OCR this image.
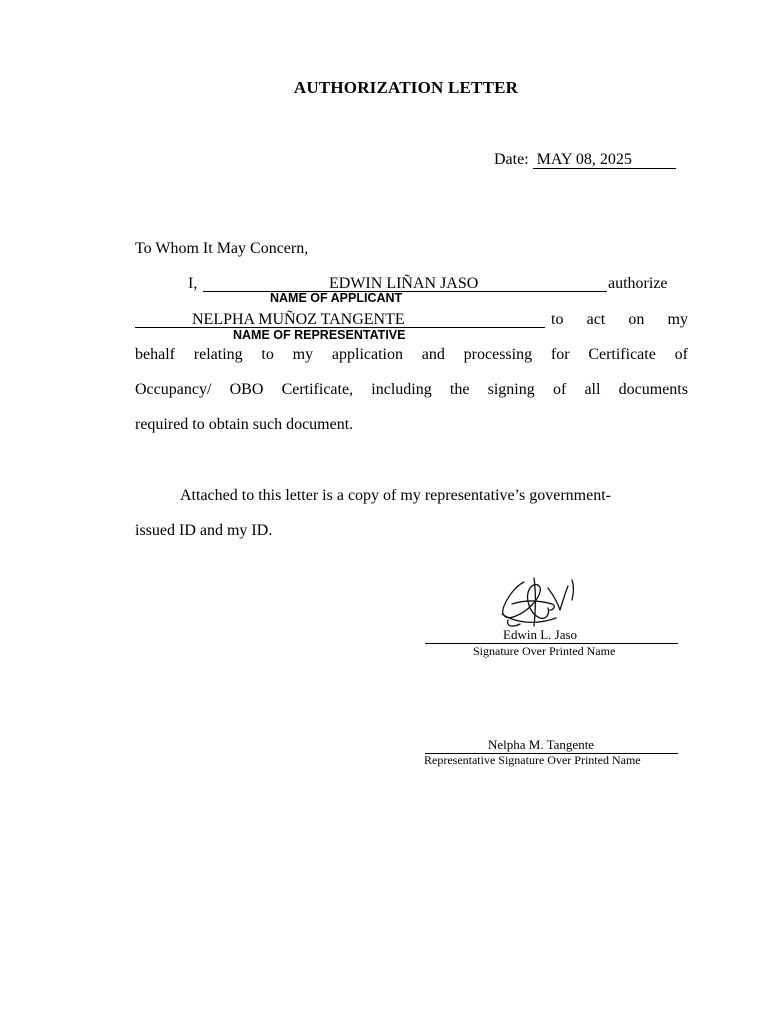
AUTHORIZATION LETTER
Date: MAY 08, 2025
To Whom It May Concern,
I,	EDWIN LIÑAN JASO	authorize
NAME OF APPLICANT
NELPHA MUÑOZ TANGENTE	to act on my
NAME OF REPRESENTATIVE
behalf relating to my application and processing for Certificate of
Occupancy/ OBO Certificate, including the signing of all documents
required to obtain such document.
Attached to this letter is a copy of my representative’s government-
issued ID and my ID.
Edwin L. Jaso
Signature Over Printed Name
Nelpha M. Tangente
Representative Signature Over Printed Name
